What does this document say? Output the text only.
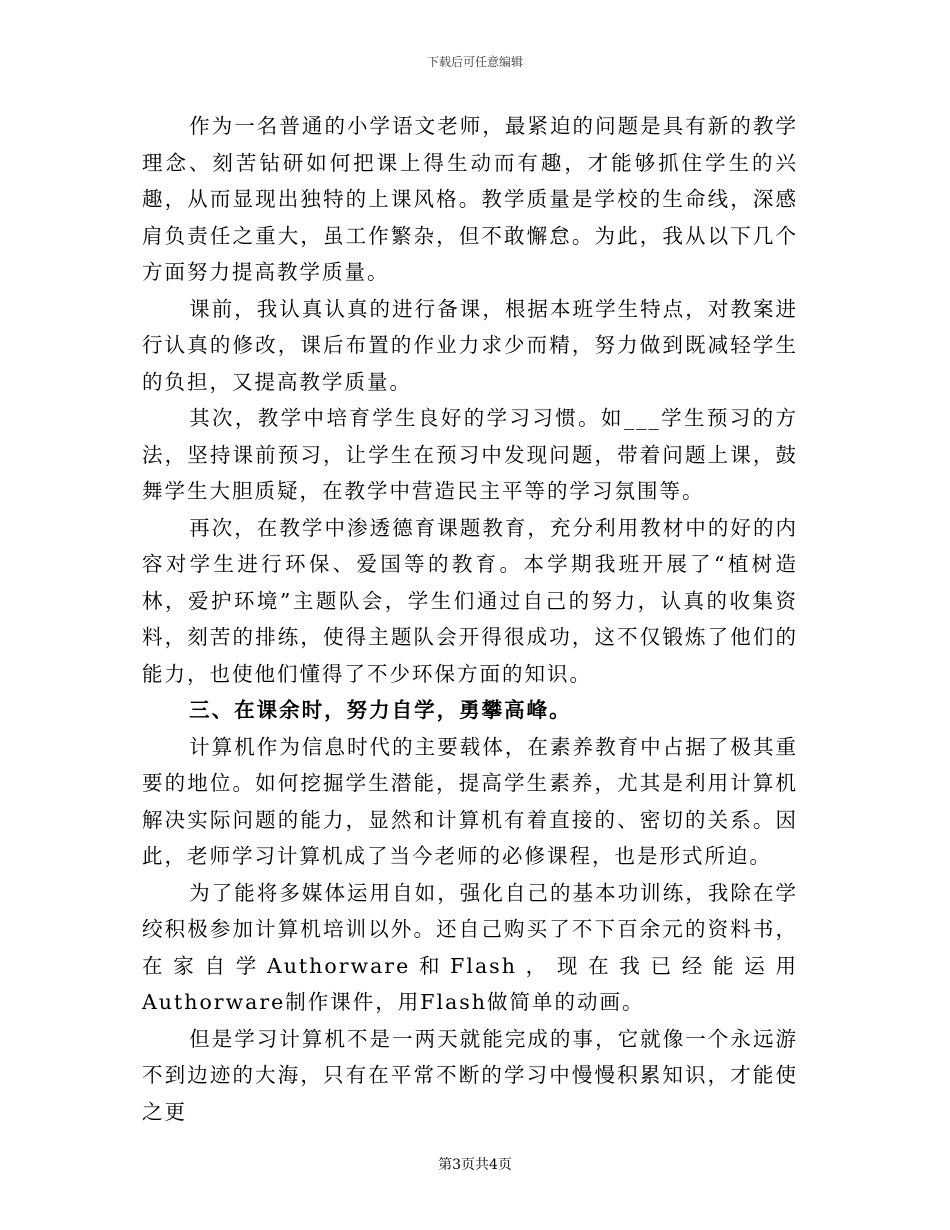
下载后可任意编辑

作为一名普通的小学语文老师，最紧迫的问题是具有新的教学理念、刻苦钻研如何把课上得生动而有趣，才能够抓住学生的兴趣，从而显现出独特的上课风格。教学质量是学校的生命线，深感肩负责任之重大，虽工作繁杂，但不敢懈怠。为此，我从以下几个方面努力提高教学质量。

课前，我认真认真的进行备课，根据本班学生特点，对教案进行认真的修改，课后布置的作业力求少而精，努力做到既减轻学生的负担，又提高教学质量。

其次，教学中培育学生良好的学习习惯。如___学生预习的方法，坚持课前预习，让学生在预习中发现问题，带着问题上课，鼓舞学生大胆质疑，在教学中营造民主平等的学习氛围等。

再次，在教学中渗透德育课题教育，充分利用教材中的好的内容对学生进行环保、爱国等的教育。本学期我班开展了“植树造林，爱护环境”主题队会，学生们通过自己的努力，认真的收集资料，刻苦的排练，使得主题队会开得很成功，这不仅锻炼了他们的能力，也使他们懂得了不少环保方面的知识。

三、在课余时，努力自学，勇攀高峰。

计算机作为信息时代的主要载体，在素养教育中占据了极其重要的地位。如何挖掘学生潜能，提高学生素养，尤其是利用计算机解决实际问题的能力，显然和计算机有着直接的、密切的关系。因此，老师学习计算机成了当今老师的必修课程，也是形式所迫。

为了能将多媒体运用自如，强化自己的基本功训练，我除在学绞积极参加计算机培训以外。还自己购买了不下百余元的资料书，在家自学Authorware和Flash，现在我已经能运用Authorware制作课件，用Flash做简单的动画。

但是学习计算机不是一两天就能完成的事，它就像一个永远游不到边迹的大海，只有在平常不断的学习中慢慢积累知识，才能使之更

第3页共4页
